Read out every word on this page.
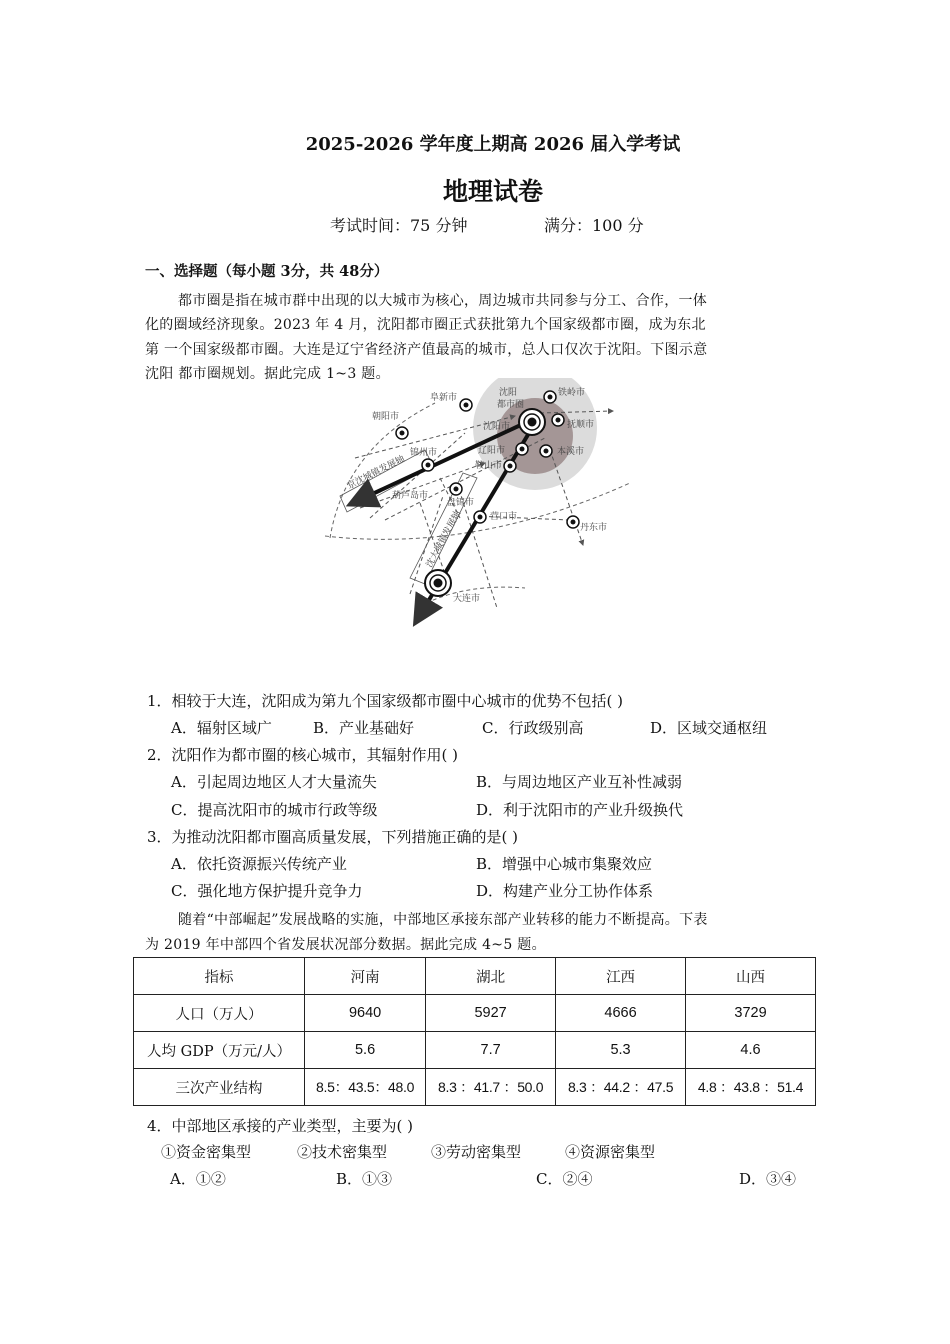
2025-2026 学年度上期高 2026 届入学考试
地理试卷
考试时间：75 分钟	满分：100 分
一、选择题（每小题 3分，共 48分）
都市圈是指在城市群中出现的以大城市为核心，周边城市共同参与分工、合作，一体
化的圈域经济现象。2023 年 4 月，沈阳都市圈正式获批第九个国家级都市圈，成为东北
第 一个国家级都市圈。大连是辽宁省经济产值最高的城市，总人口仅次于沈阳。下图示意
沈阳 都市圈规划。据此完成 1~3 题。
沈阳
都市圈
沈阳市
铁岭市
阜新市
抚顺市
朝阳市
辽阳市	本溪市
鞍山市
锦州市
葫芦岛市
盘锦市
营口市
丹东市
大连市
京沈城镇发展轴
沈大城镇发展轴
1．相较于大连，沈阳成为第九个国家级都市圈中心城市的优势不包括( )
A．辐射区域广	B．产业基础好	C．行政级别高	D．区域交通枢纽
2．沈阳作为都市圈的核心城市，其辐射作用( )
A．引起周边地区人才大量流失	B．与周边地区产业互补性减弱
C．提高沈阳市的城市行政等级	D．利于沈阳市的产业升级换代
3．为推动沈阳都市圈高质量发展，下列措施正确的是( )
A．依托资源振兴传统产业	B．增强中心城市集聚效应
C．强化地方保护提升竞争力	D．构建产业分工协作体系
随着“中部崛起”发展战略的实施，中部地区承接东部产业转移的能力不断提高。下表
为 2019 年中部四个省发展状况部分数据。据此完成 4~5 题。
指标	河南	湖北	江西	山西
人口（万人）	9640	5927	4666	3729
人均 GDP（万元/人）	5.6	7.7	5.3	4.6
三次产业结构	8.5：43.5：48.0	8.3 ：41.7 ：50.0	8.3 ：44.2 ：47.5	4.8 ：43.8 ：51.4
4．中部地区承接的产业类型，主要为( )
①资金密集型	②技术密集型	③劳动密集型	④资源密集型
A．①②	B．①③	C．②④	D．③④
